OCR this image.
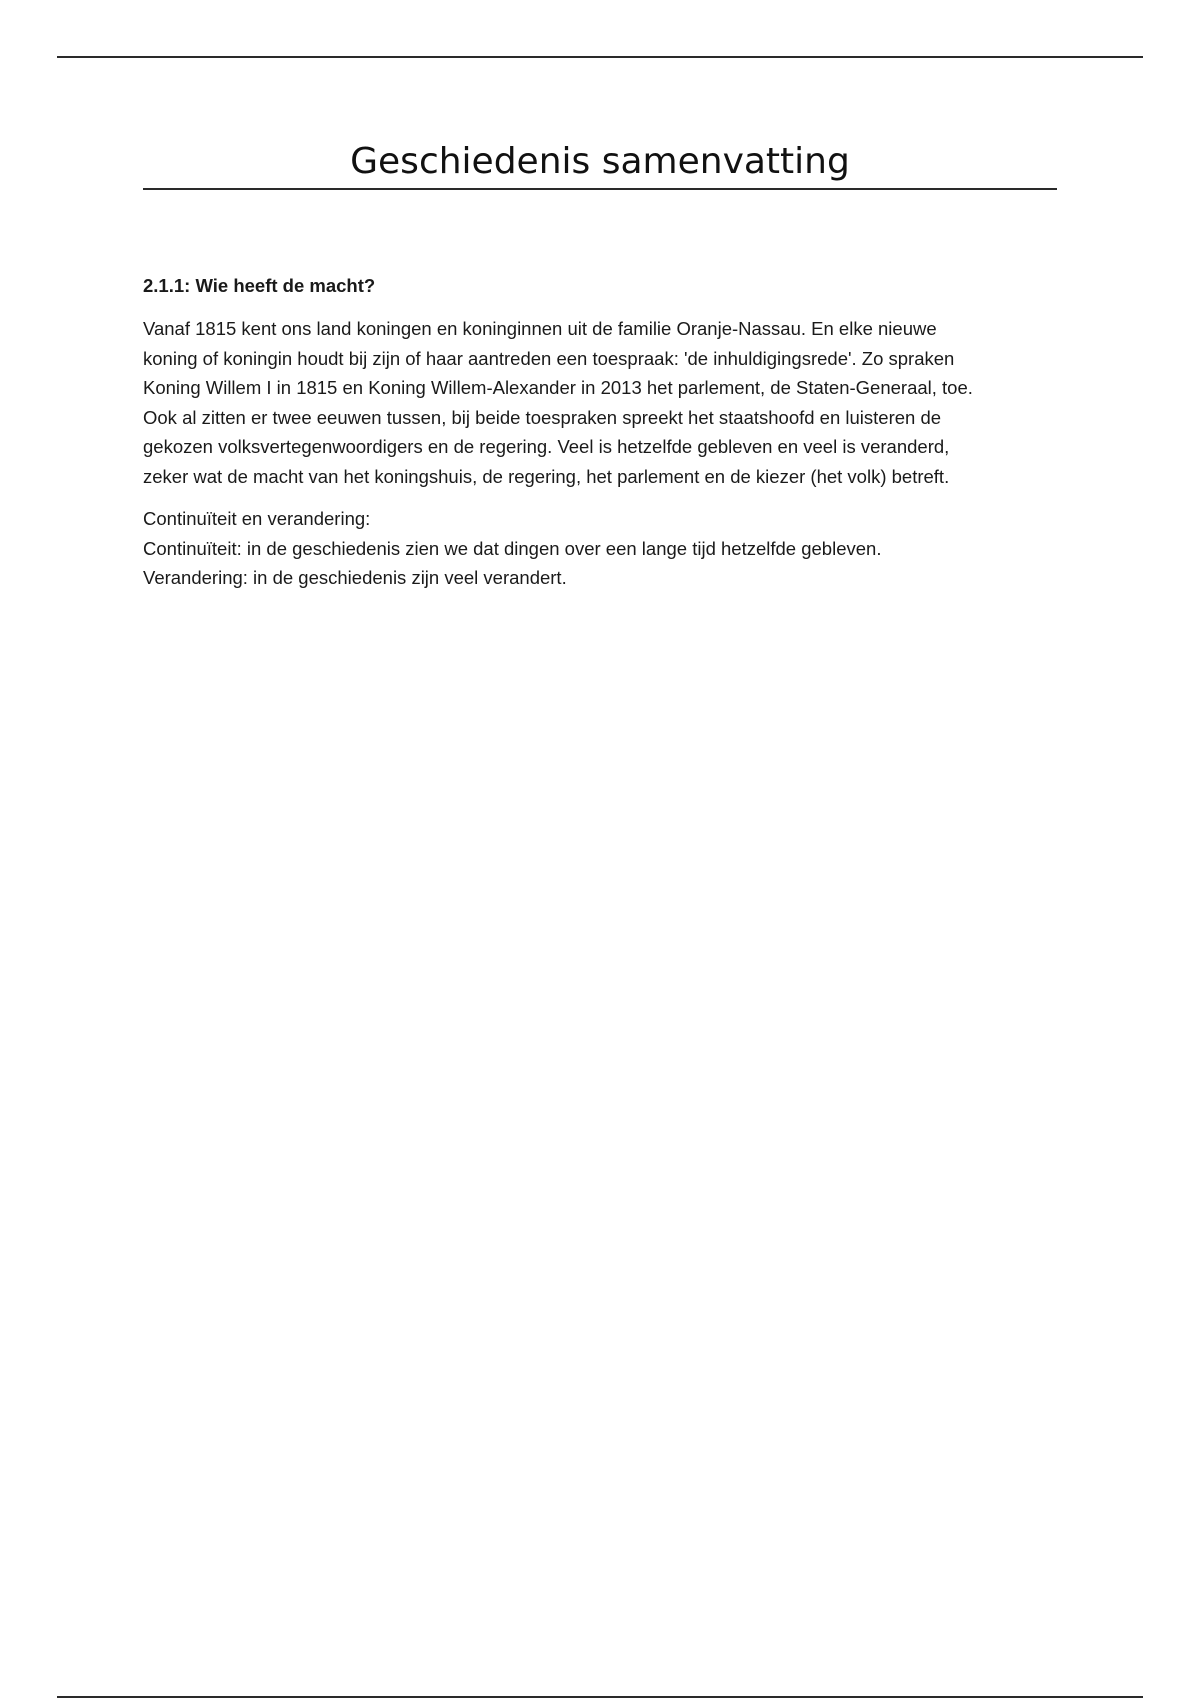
Geschiedenis samenvatting
2.1.1: Wie heeft de macht?

Vanaf 1815 kent ons land koningen en koninginnen uit de familie Oranje-Nassau. En elke nieuwe
koning of koningin houdt bij zijn of haar aantreden een toespraak: 'de inhuldigingsrede'. Zo spraken
Koning Willem I in 1815 en Koning Willem-Alexander in 2013 het parlement, de Staten-Generaal, toe.
Ook al zitten er twee eeuwen tussen, bij beide toespraken spreekt het staatshoofd en luisteren de
gekozen volksvertegenwoordigers en de regering. Veel is hetzelfde gebleven en veel is veranderd,
zeker wat de macht van het koningshuis, de regering, het parlement en de kiezer (het volk) betreft.

Continuïteit en verandering:
Continuïteit: in de geschiedenis zien we dat dingen over een lange tijd hetzelfde gebleven.
Verandering: in de geschiedenis zijn veel verandert.
